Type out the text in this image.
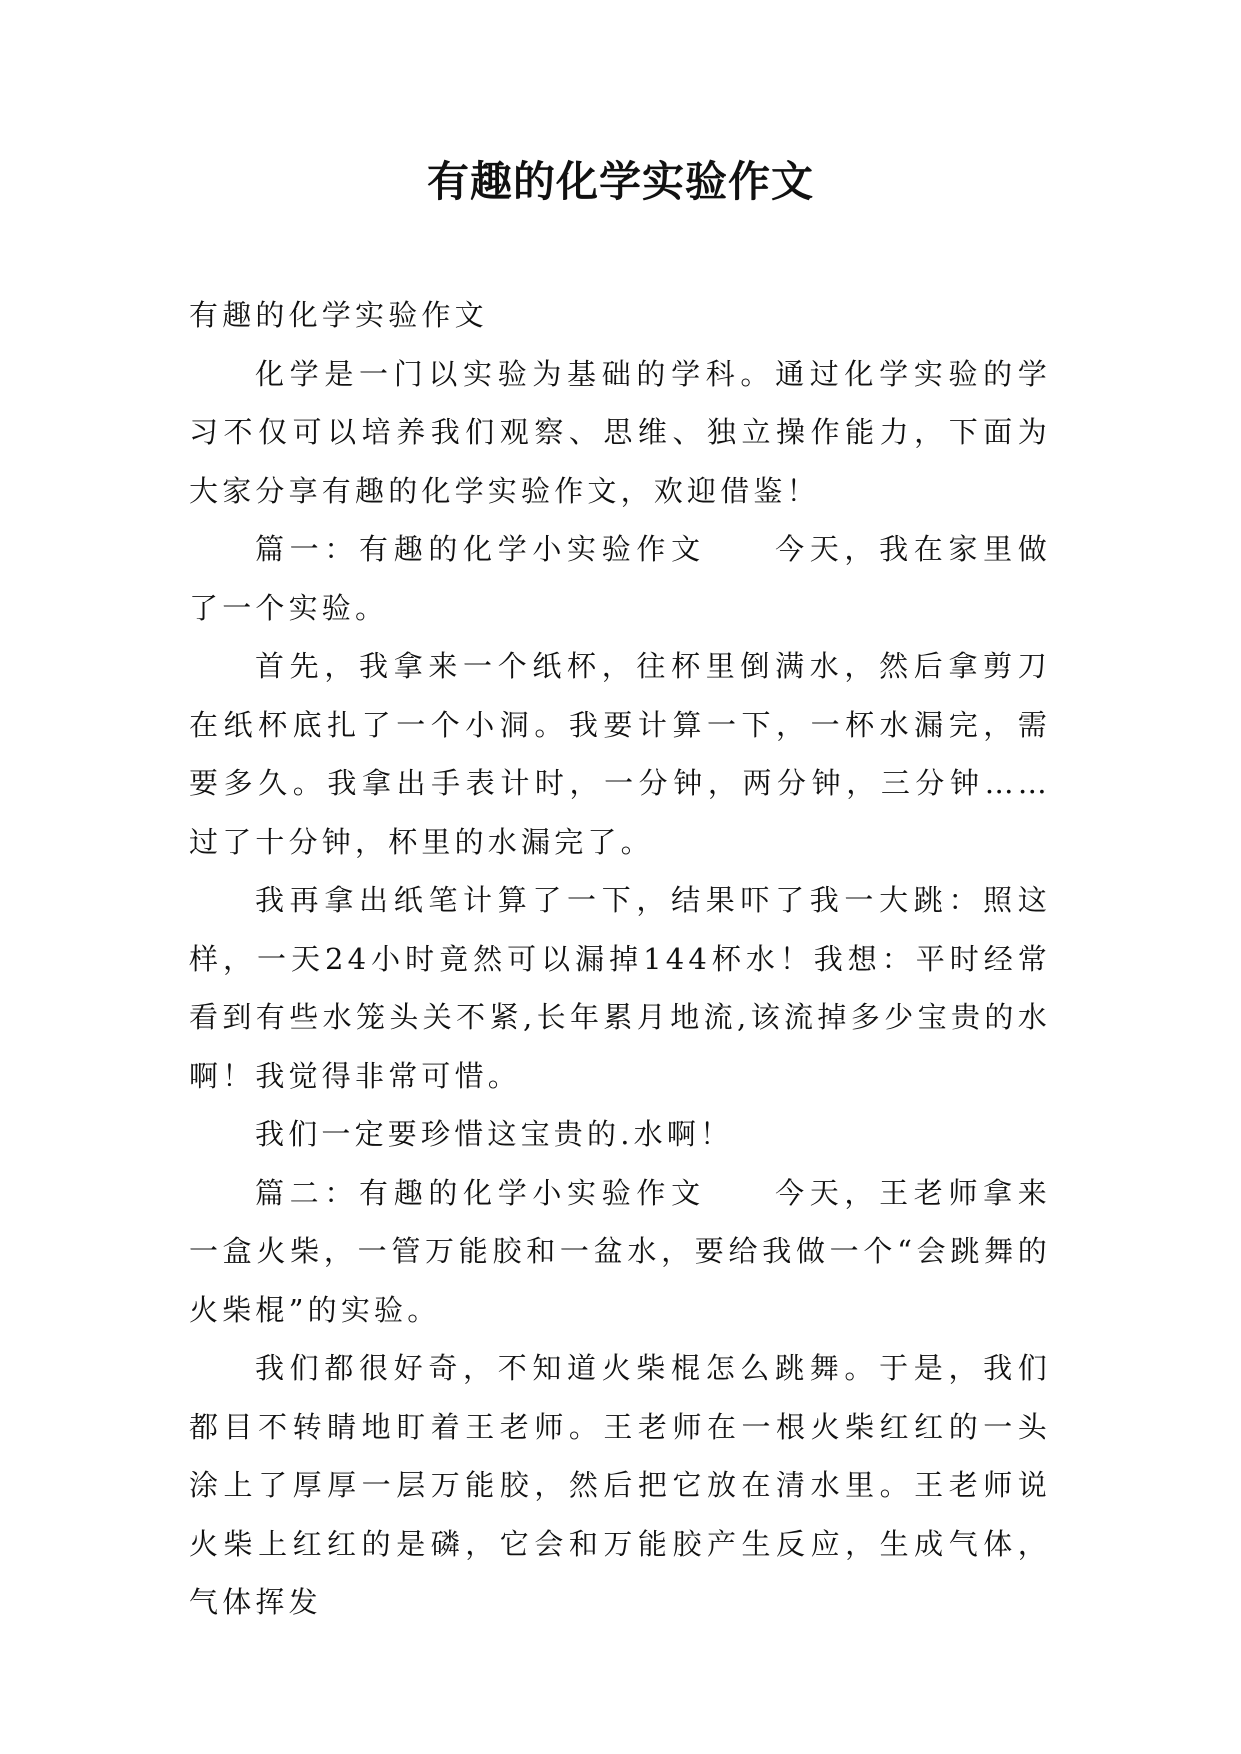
有趣的化学实验作文

有趣的化学实验作文

化学是一门以实验为基础的学科。通过化学实验的学习不仅可以培养我们观察、思维、独立操作能力，下面为大家分享有趣的化学实验作文，欢迎借鉴！

篇一：有趣的化学小实验作文　　今天，我在家里做了一个实验。

首先，我拿来一个纸杯，往杯里倒满水，然后拿剪刀在纸杯底扎了一个小洞。我要计算一下，一杯水漏完，需要多久。我拿出手表计时，一分钟，两分钟，三分钟……过了十分钟，杯里的水漏完了。

我再拿出纸笔计算了一下，结果吓了我一大跳：照这样，一天24小时竟然可以漏掉144杯水！我想：平时经常看到有些水笼头关不紧,长年累月地流,该流掉多少宝贵的水啊！我觉得非常可惜。

我们一定要珍惜这宝贵的.水啊！

篇二：有趣的化学小实验作文　　今天，王老师拿来一盒火柴，一管万能胶和一盆水，要给我做一个“会跳舞的火柴棍”的实验。

我们都很好奇，不知道火柴棍怎么跳舞。于是，我们都目不转睛地盯着王老师。王老师在一根火柴红红的一头涂上了厚厚一层万能胶，然后把它放在清水里。王老师说火柴上红红的是磷，它会和万能胶产生反应，生成气体，气体挥发
